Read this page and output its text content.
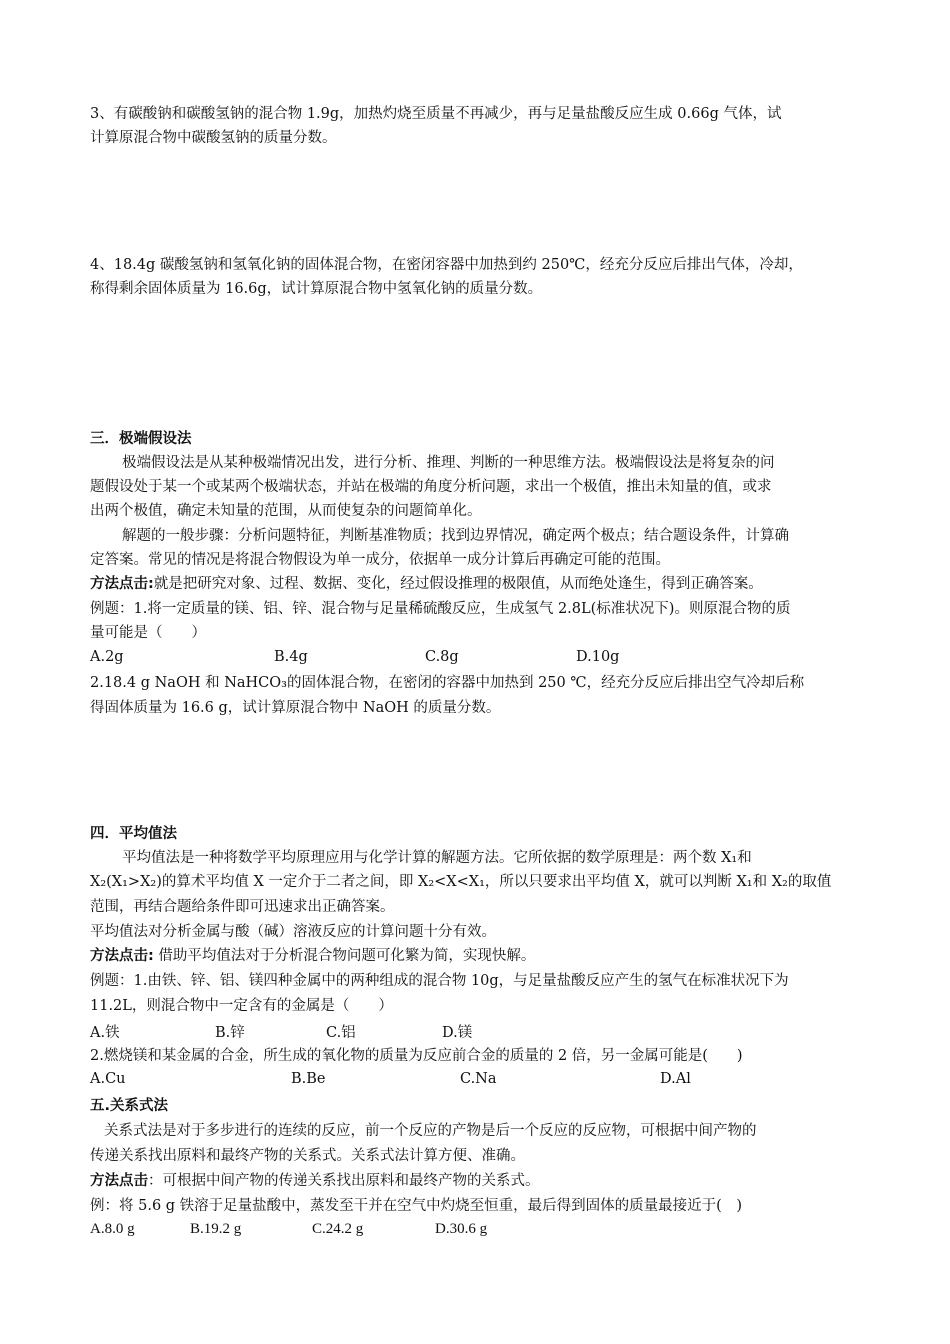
3、有碳酸钠和碳酸氢钠的混合物 1.9g，加热灼烧至质量不再减少，再与足量盐酸反应生成 0.66g 气体，试
计算原混合物中碳酸氢钠的质量分数。
4、18.4g 碳酸氢钠和氢氧化钠的固体混合物，在密闭容器中加热到约 250℃，经充分反应后排出气体，冷却，
称得剩余固体质量为 16.6g，试计算原混合物中氢氧化钠的质量分数。
三．极端假设法
极端假设法是从某种极端情况出发，进行分析、推理、判断的一种思维方法。极端假设法是将复杂的问
题假设处于某一个或某两个极端状态，并站在极端的角度分析问题，求出一个极值，推出未知量的值，或求
出两个极值，确定未知量的范围，从而使复杂的问题简单化。
解题的一般步骤：分析问题特征，判断基准物质；找到边界情况，确定两个极点；结合题设条件，计算确
定答案。常见的情况是将混合物假设为单一成分，依据单一成分计算后再确定可能的范围。
方法点击:就是把研究对象、过程、数据、变化，经过假设推理的极限值，从而绝处逢生，得到正确答案。
例题：1.将一定质量的镁、铝、锌、混合物与足量稀硫酸反应，生成氢气 2.8L(标准状况下)。则原混合物的质
量可能是（　　）
A.2g	B.4g	C.8g	D.10g
2.18.4 g NaOH 和 NaHCO₃的固体混合物，在密闭的容器中加热到 250 ℃，经充分反应后排出空气冷却后称
得固体质量为 16.6 g，试计算原混合物中 NaOH 的质量分数。
四．平均值法
平均值法是一种将数学平均原理应用与化学计算的解题方法。它所依据的数学原理是：两个数 X₁和
X₂(X₁>X₂)的算术平均值 X 一定介于二者之间，即 X₂<X<X₁，所以只要求出平均值 X，就可以判断 X₁和 X₂的取值
范围，再结合题给条件即可迅速求出正确答案。
平均值法对分析金属与酸（碱）溶液反应的计算问题十分有效。
方法点击: 借助平均值法对于分析混合物问题可化繁为简，实现快解。
例题：1.由铁、锌、铝、镁四种金属中的两种组成的混合物 10g，与足量盐酸反应产生的氢气在标准状况下为
11.2L，则混合物中一定含有的金属是（　　）
A.铁	B.锌	C.铝	D.镁
2.燃烧镁和某金属的合金，所生成的氧化物的质量为反应前合金的质量的 2 倍，另一金属可能是(　　)
A.Cu	B.Be	C.Na	D.Al
五.关系式法
关系式法是对于多步进行的连续的反应，前一个反应的产物是后一个反应的反应物，可根据中间产物的
传递关系找出原料和最终产物的关系式。关系式法计算方便、准确。
方法点击：可根据中间产物的传递关系找出原料和最终产物的关系式。
例：将 5.6 g 铁溶于足量盐酸中，蒸发至干并在空气中灼烧至恒重，最后得到固体的质量最接近于(　)
A.8.0 g	B.19.2 g	C.24.2 g	D.30.6 g
